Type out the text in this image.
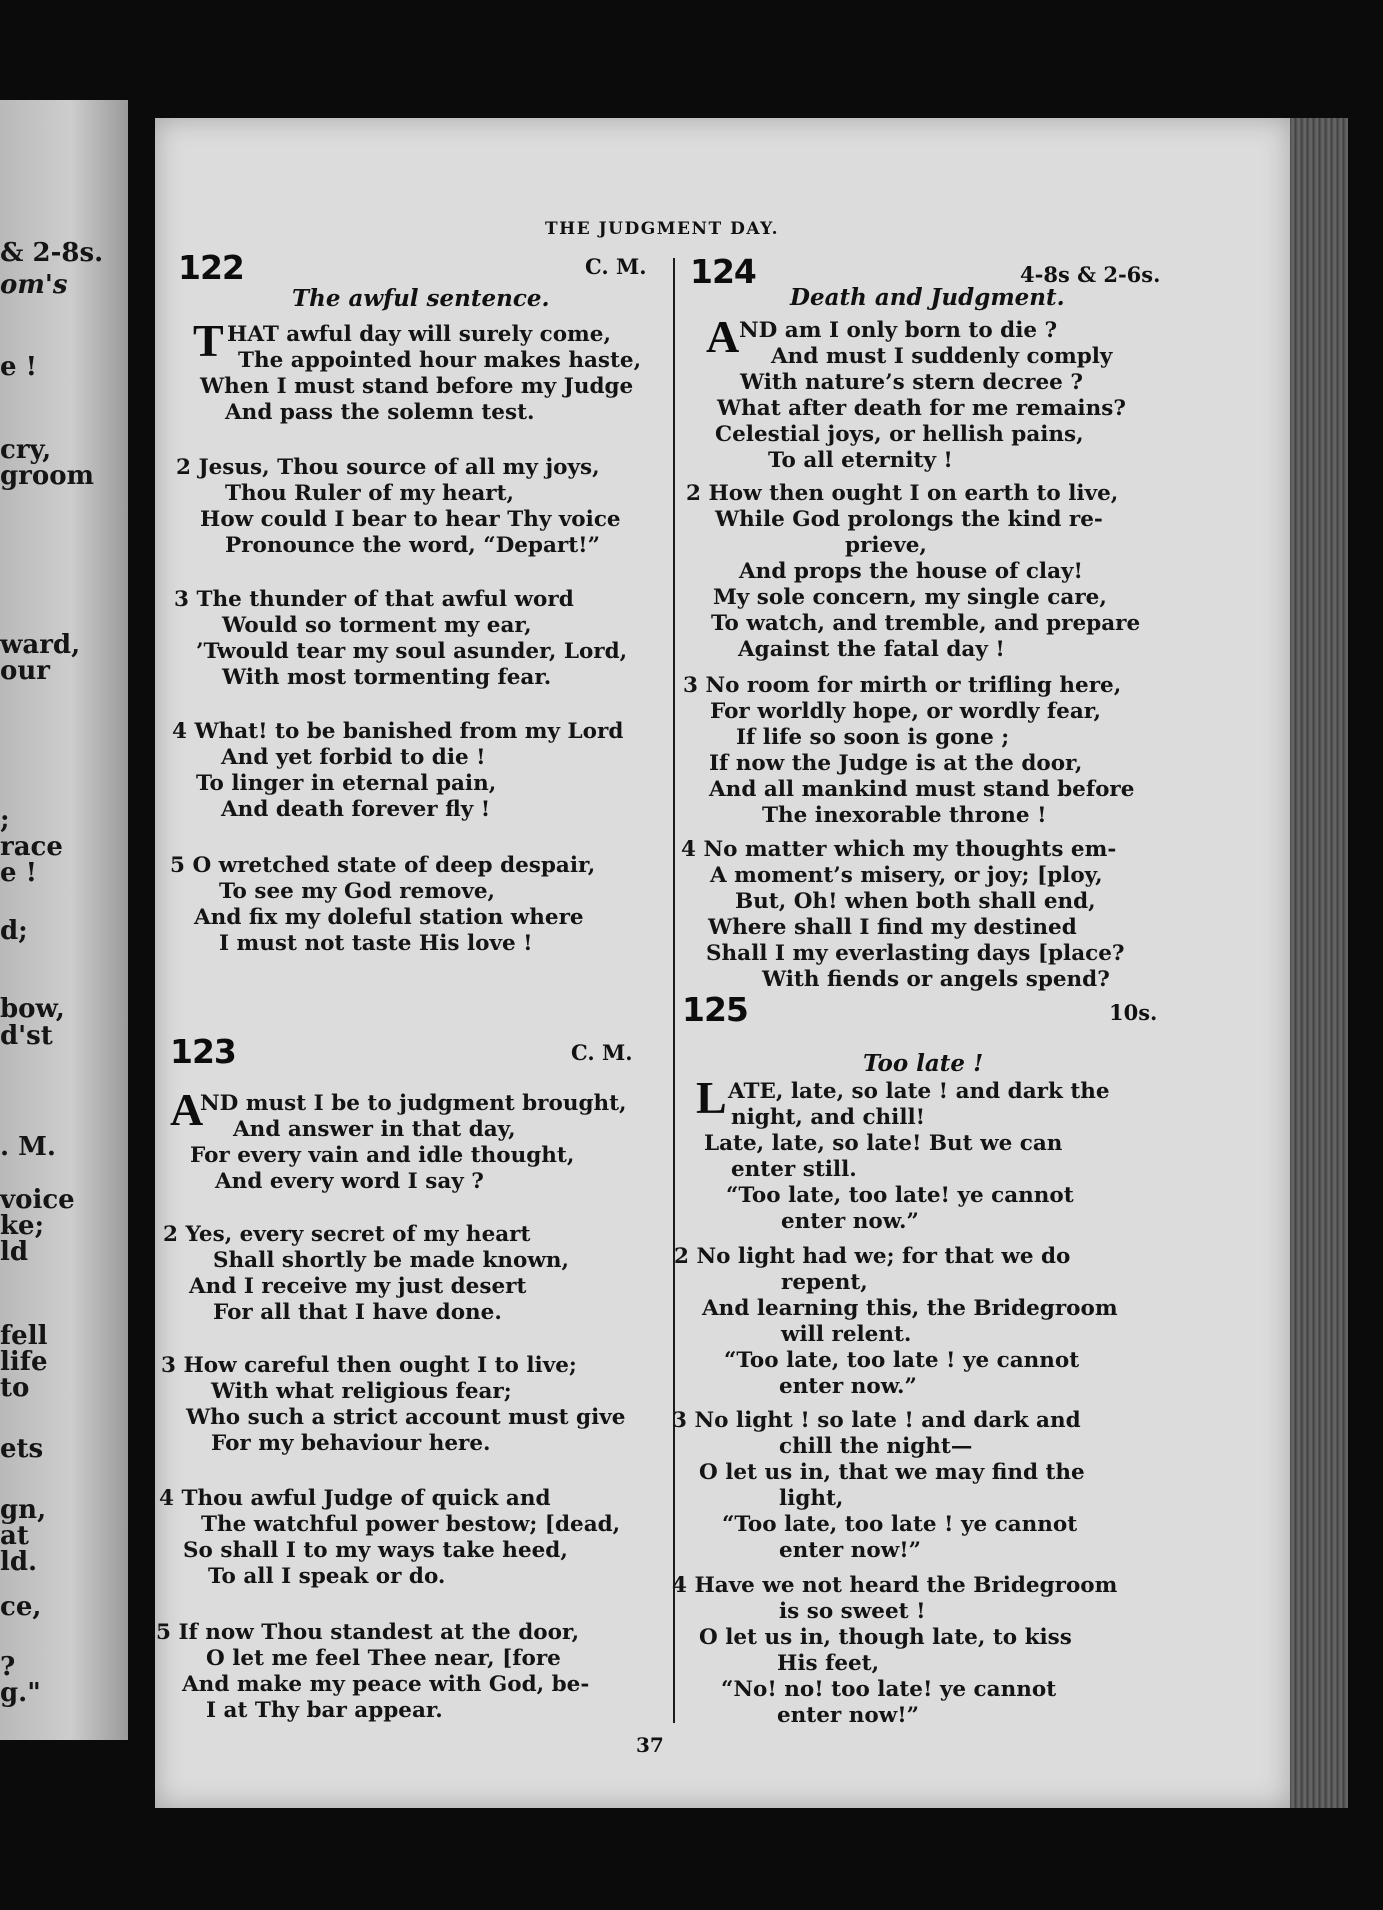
& 2-8s.
om's
e !
cry,
groom
ward,
our
;
race
e !
d;
bow,
d'st
. M.
voice
ke;
ld
fell
life
to
ets
gn,
at
ld.
ce,
?
g."
THE JUDGMENT DAY.
122	C. M.
The awful sentence.
T HAT awful day will surely come,
The appointed hour makes haste,
When I must stand before my Judge
And pass the solemn test.
2 Jesus, Thou source of all my joys,
Thou Ruler of my heart,
How could I bear to hear Thy voice
Pronounce the word, “Depart!”
3 The thunder of that awful word
Would so torment my ear,
’Twould tear my soul asunder, Lord,
With most tormenting fear.
4 What! to be banished from my Lord
And yet forbid to die !
To linger in eternal pain,
And death forever fly !
5 O wretched state of deep despair,
To see my God remove,
And fix my doleful station where
I must not taste His love !
123	C. M.
A
ND must I be to judgment brought,
And answer in that day,
For every vain and idle thought,
And every word I say ?
2 Yes, every secret of my heart
Shall shortly be made known,
And I receive my just desert
For all that I have done.
3 How careful then ought I to live;
With what religious fear;
Who such a strict account must give
For my behaviour here.
4 Thou awful Judge of quick and
The watchful power bestow; [dead,
So shall I to my ways take heed,
To all I speak or do.
5 If now Thou standest at the door,
O let me feel Thee near, [fore
And make my peace with God, be-
I at Thy bar appear.
124	4-8s & 2-6s.
Death and Judgment.
A ND am I only born to die ?
And must I suddenly comply
With nature’s stern decree ?
What after death for me remains?
Celestial joys, or hellish pains,
To all eternity !
2 How then ought I on earth to live,
While God prolongs the kind re-
prieve,
And props the house of clay!
My sole concern, my single care,
To watch, and tremble, and prepare
Against the fatal day !
3 No room for mirth or trifling here,
For worldly hope, or wordly fear,
If life so soon is gone ;
If now the Judge is at the door,
And all mankind must stand before
The inexorable throne !
4 No matter which my thoughts em-
A moment’s misery, or joy; [ploy,
But, Oh! when both shall end,
Where shall I find my destined
Shall I my everlasting days [place?
With fiends or angels spend?
125	10s.
Too late !
L ATE, late, so late ! and dark the
night, and chill!
Late, late, so late! But we can
enter still.
“Too late, too late! ye cannot
enter now.”
2 No light had we; for that we do
repent,
And learning this, the Bridegroom
will relent.
“Too late, too late ! ye cannot
enter now.”
3 No light ! so late ! and dark and
chill the night—
O let us in, that we may find the
light,
“Too late, too late ! ye cannot
enter now!”
4 Have we not heard the Bridegroom
is so sweet !
O let us in, though late, to kiss
His feet,
“No! no! too late! ye cannot
enter now!”
37
